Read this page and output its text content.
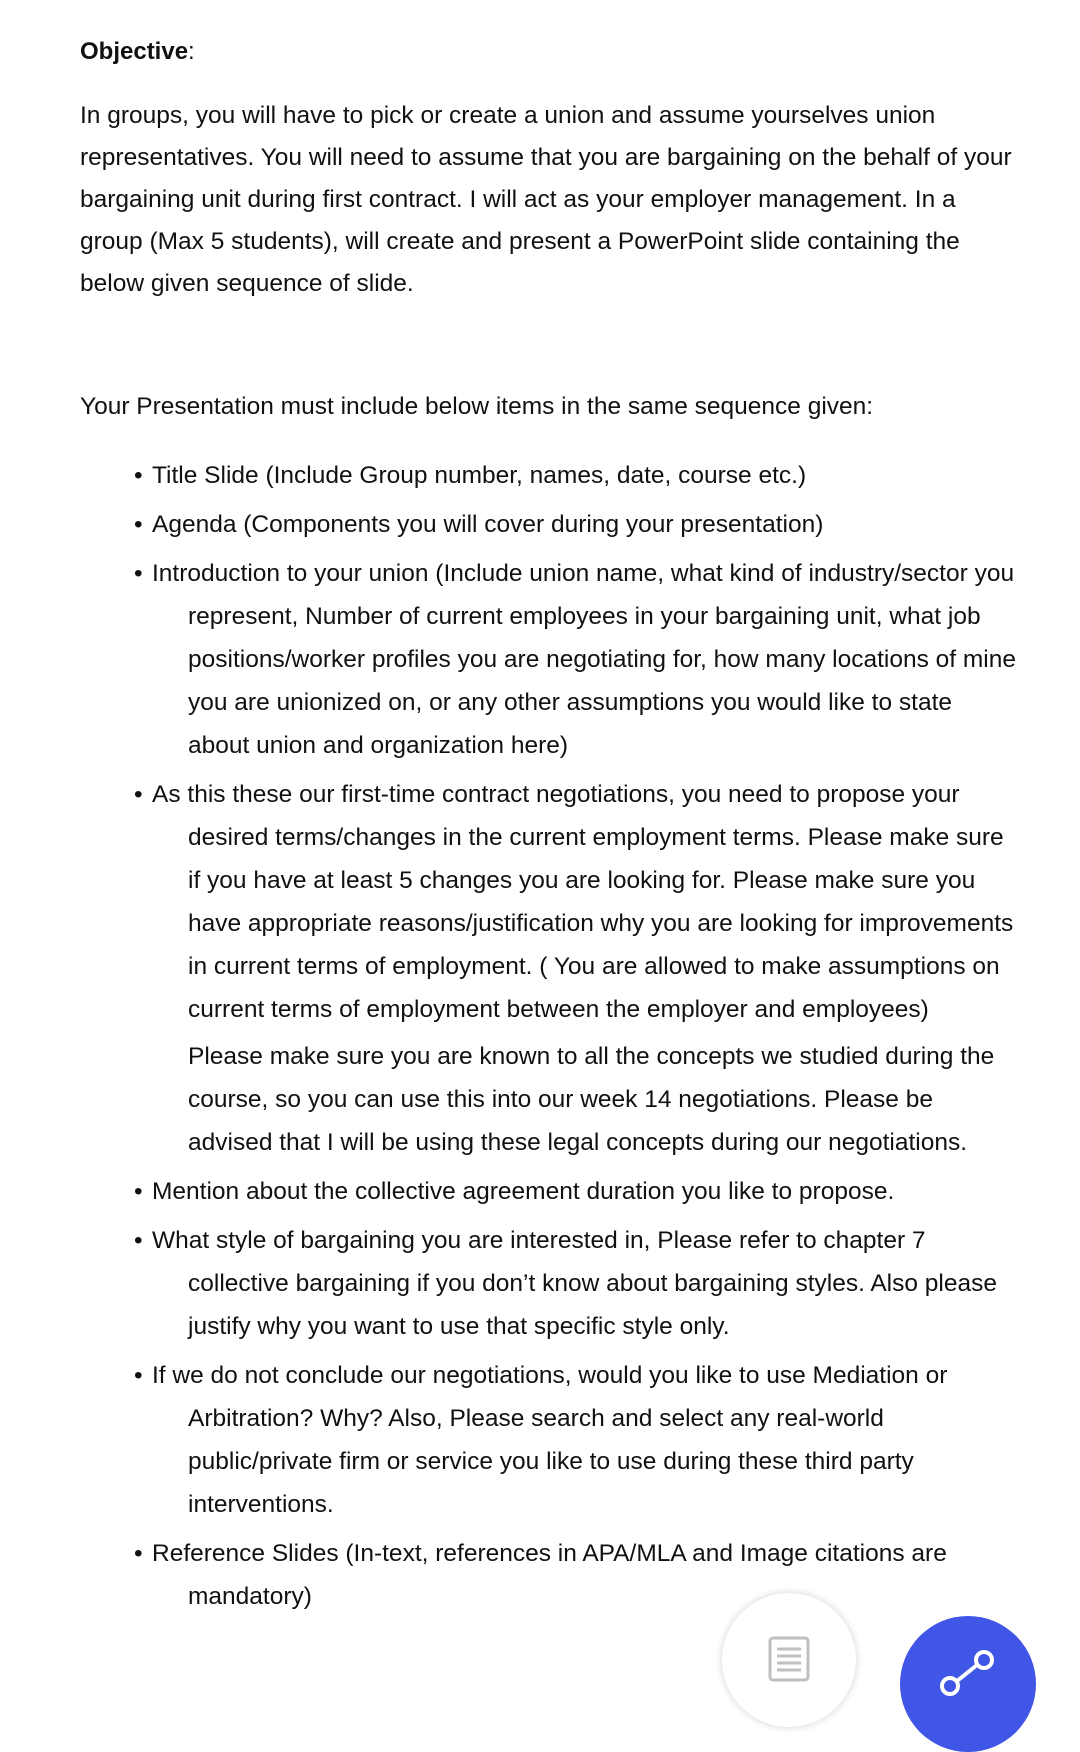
Objective:
In groups, you will have to pick or create a union and assume yourselves union representatives. You will need to assume that you are bargaining on the behalf of your bargaining unit during first contract. I will act as your employer management. In a group (Max 5 students), will create and present a PowerPoint slide containing the below given sequence of slide.
Your Presentation must include below items in the same sequence given:
• Title Slide (Include Group number, names, date, course etc.)
• Agenda (Components you will cover during your presentation)
• Introduction to your union (Include union name, what kind of industry/sector you represent, Number of current employees in your bargaining unit, what job positions/worker profiles you are negotiating for, how many locations of mine you are unionized on, or any other assumptions you would like to state about union and organization here)
• As this these our first-time contract negotiations, you need to propose your desired terms/changes in the current employment terms. Please make sure if you have at least 5 changes you are looking for. Please make sure you have appropriate reasons/justification why you are looking for improvements in current terms of employment. ( You are allowed to make assumptions on current terms of employment between the employer and employees)
Please make sure you are known to all the concepts we studied during the course, so you can use this into our week 14 negotiations. Please be advised that I will be using these legal concepts during our negotiations.
• Mention about the collective agreement duration you like to propose.
• What style of bargaining you are interested in, Please refer to chapter 7 collective bargaining if you don’t know about bargaining styles. Also please justify why you want to use that specific style only.
• If we do not conclude our negotiations, would you like to use Mediation or Arbitration? Why? Also, Please search and select any real-world public/private firm or service you like to use during these third party interventions.
• Reference Slides (In-text, references in APA/MLA and Image citations are mandatory)
